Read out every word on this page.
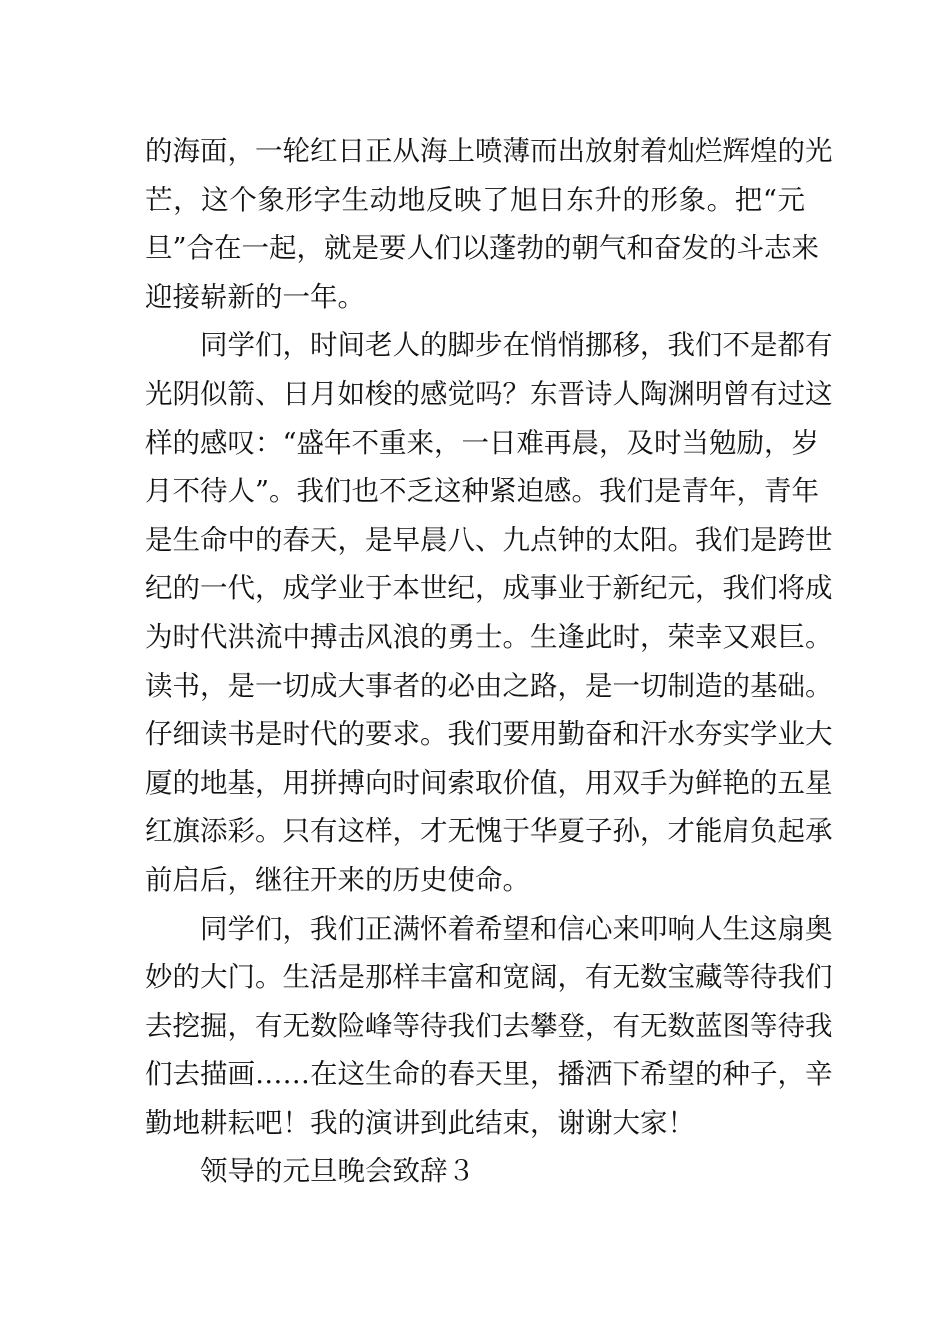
的海面，一轮红日正从海上喷薄而出放射着灿烂辉煌的光
芒，这个象形字生动地反映了旭日东升的形象。把“元
旦”合在一起，就是要人们以蓬勃的朝气和奋发的斗志来
迎接崭新的一年。
同学们，时间老人的脚步在悄悄挪移，我们不是都有
光阴似箭、日月如梭的感觉吗？东晋诗人陶渊明曾有过这
样的感叹：“盛年不重来，一日难再晨，及时当勉励，岁
月不待人”。我们也不乏这种紧迫感。我们是青年，青年
是生命中的春天，是早晨八、九点钟的太阳。我们是跨世
纪的一代，成学业于本世纪，成事业于新纪元，我们将成
为时代洪流中搏击风浪的勇士。生逢此时，荣幸又艰巨。
读书，是一切成大事者的必由之路，是一切制造的基础。
仔细读书是时代的要求。我们要用勤奋和汗水夯实学业大
厦的地基，用拼搏向时间索取价值，用双手为鲜艳的五星
红旗添彩。只有这样，才无愧于华夏子孙，才能肩负起承
前启后，继往开来的历史使命。
同学们，我们正满怀着希望和信心来叩响人生这扇奥
妙的大门。生活是那样丰富和宽阔，有无数宝藏等待我们
去挖掘，有无数险峰等待我们去攀登，有无数蓝图等待我
们去描画……在这生命的春天里，播洒下希望的种子，辛
勤地耕耘吧！我的演讲到此结束，谢谢大家！
领导的元旦晚会致辞３
